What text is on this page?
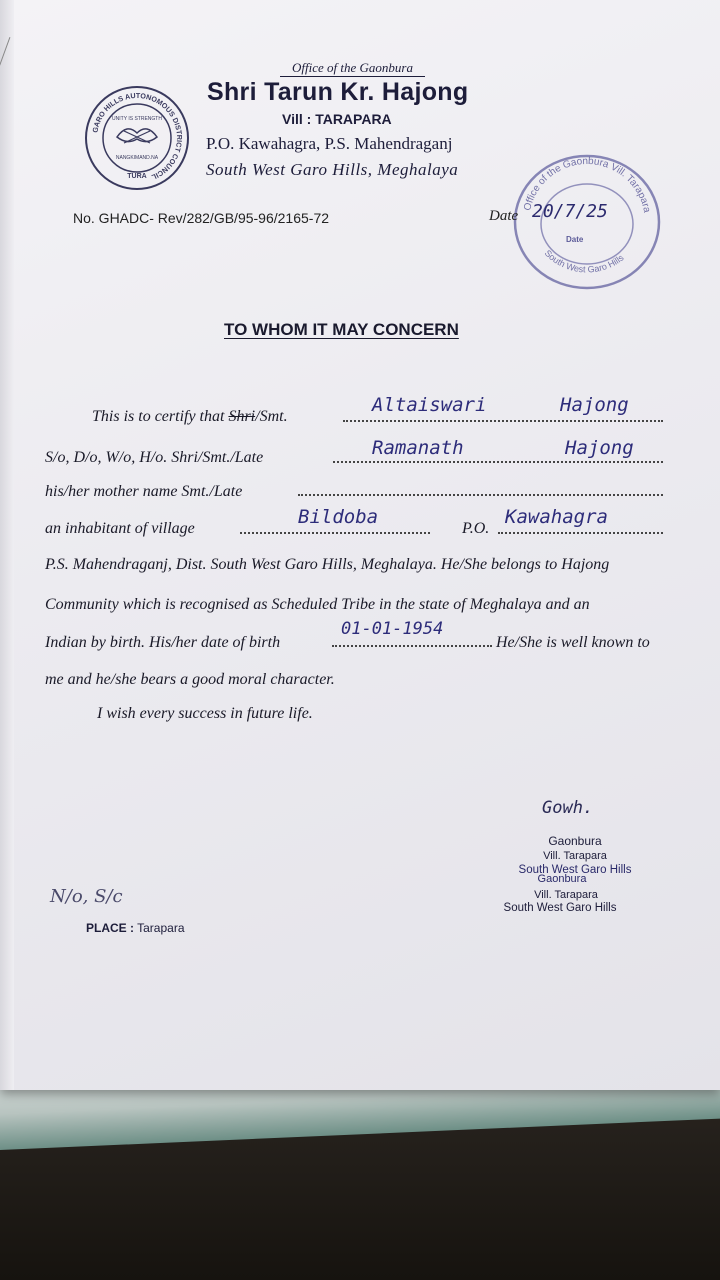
GARO HILLS AUTONOMOUS DISTRICT COUNCIL
UNITY IS STRENGTH
NANGKIMAND.NA
TURA
Office of the Gaonbura
Shri Tarun Kr. Hajong
Vill : TARAPARA
P.O. Kawahagra, P.S. Mahendraganj
South West Garo Hills, Meghalaya
No. GHADC- Rev/282/GB/95-96/2165-72
Office of the Gaonbura Vill. Tarapara
South West Garo Hills
Date
Date 20/7/25
TO WHOM IT MAY CONCERN
This is to certify that Shri/Smt.
Altaiswari	Hajong
S/o, D/o, W/o, H/o. Shri/Smt./Late	Ramanath	Hajong
his/her mother name Smt./Late
an inhabitant of village
Bildoba
P.O.
Kawahagra
P.S. Mahendraganj, Dist. South West Garo Hills, Meghalaya. He/She belongs to Hajong
Community which is recognised as Scheduled Tribe in the state of Meghalaya and an
Indian by birth. His/her date of birth
01-01-1954
He/She is well known to
me and he/she bears a good moral character.
I wish every success in future life.
Gowh.
Gaonbura
Vill. Tarapara
South West Garo Hills
Gaonbura
Vill. Tarapara
South West Garo Hills
N/o, S/c
PLACE : Tarapara
